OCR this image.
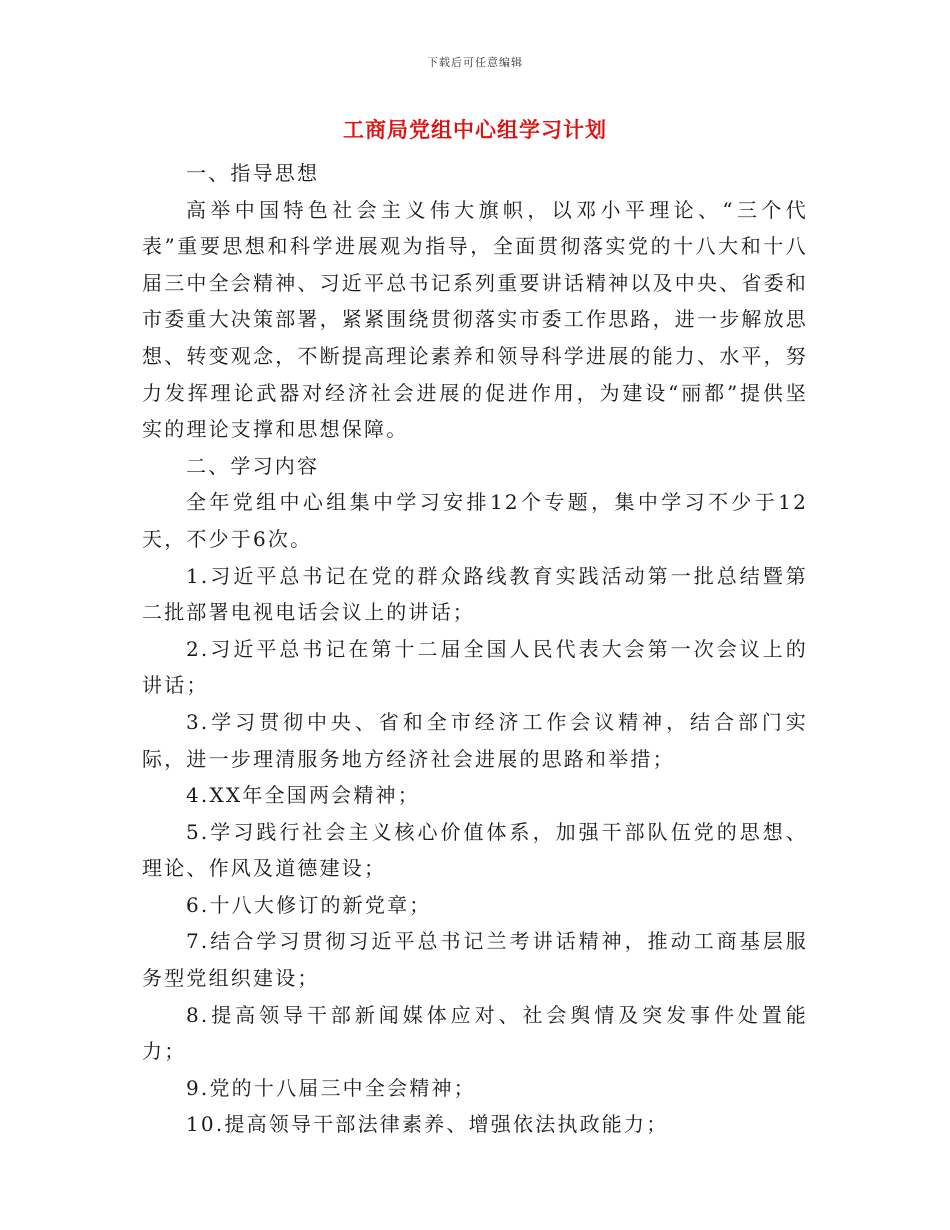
下载后可任意编辑
工商局党组中心组学习计划

一、指导思想

高举中国特色社会主义伟大旗帜，以邓小平理论、“三个代表”重要思想和科学进展观为指导，全面贯彻落实党的十八大和十八届三中全会精神、习近平总书记系列重要讲话精神以及中央、省委和市委重大决策部署，紧紧围绕贯彻落实市委工作思路，进一步解放思想、转变观念，不断提高理论素养和领导科学进展的能力、水平，努力发挥理论武器对经济社会进展的促进作用，为建设“丽都”提供坚实的理论支撑和思想保障。

二、学习内容

全年党组中心组集中学习安排12个专题，集中学习不少于12天，不少于6次。

1.习近平总书记在党的群众路线教育实践活动第一批总结暨第二批部署电视电话会议上的讲话；

2.习近平总书记在第十二届全国人民代表大会第一次会议上的讲话；

3.学习贯彻中央、省和全市经济工作会议精神，结合部门实际，进一步理清服务地方经济社会进展的思路和举措；

4.XX年全国两会精神；

5.学习践行社会主义核心价值体系，加强干部队伍党的思想、理论、作风及道德建设；

6.十八大修订的新党章；

7.结合学习贯彻习近平总书记兰考讲话精神，推动工商基层服务型党组织建设；

8.提高领导干部新闻媒体应对、社会舆情及突发事件处置能力；

9.党的十八届三中全会精神；

10.提高领导干部法律素养、增强依法执政能力；
